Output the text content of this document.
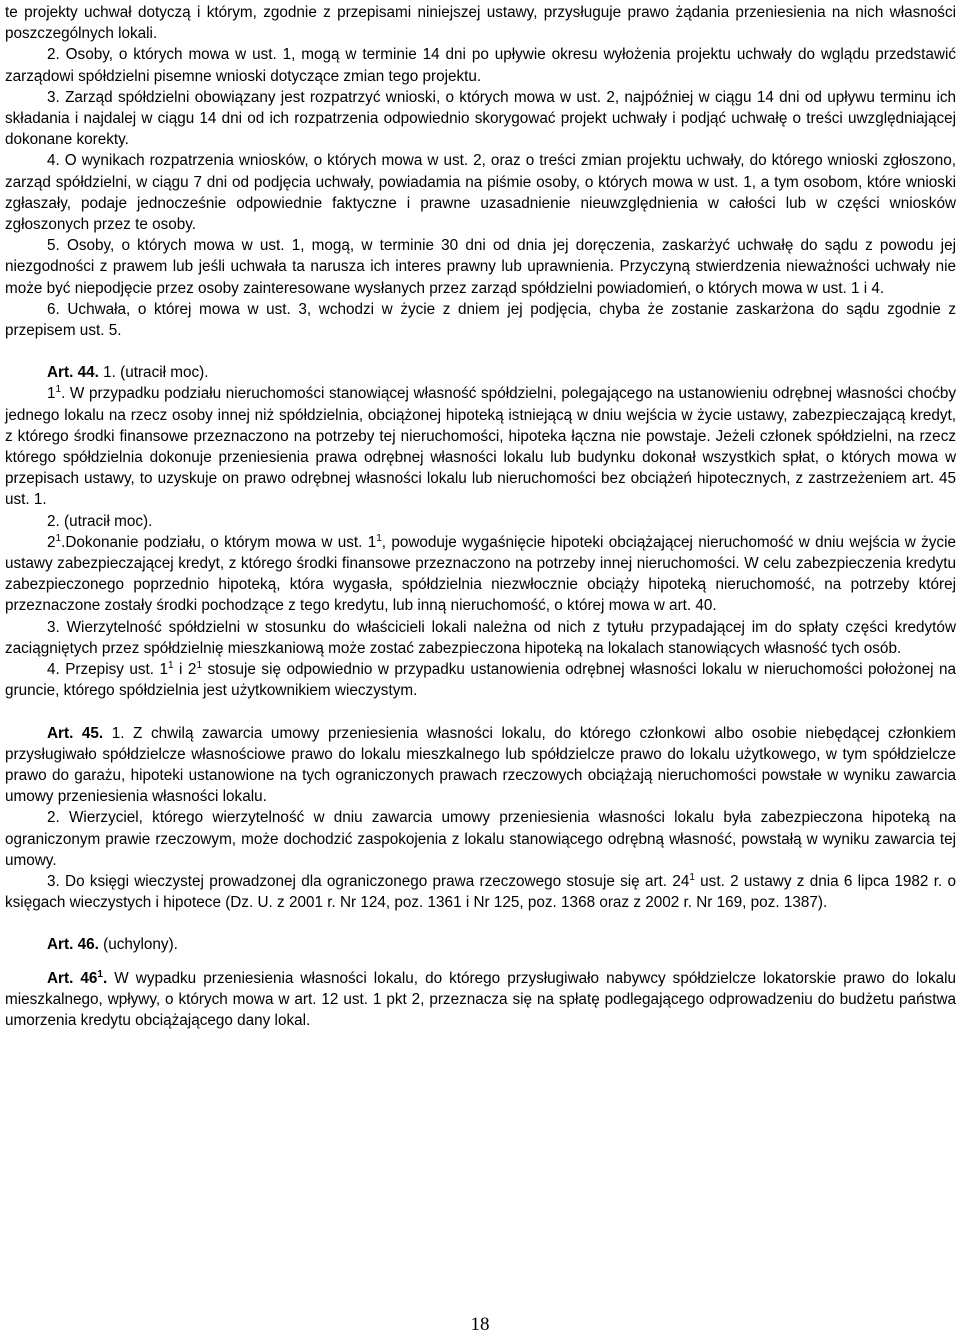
te projekty uchwał dotyczą i którym, zgodnie z przepisami niniejszej ustawy, przysługuje prawo żądania przeniesienia na nich własności poszczególnych lokali.

2. Osoby, o których mowa w ust. 1, mogą w terminie 14 dni po upływie okresu wyłożenia projektu uchwały do wglądu przedstawić zarządowi spółdzielni pisemne wnioski dotyczące zmian tego projektu.

3. Zarząd spółdzielni obowiązany jest rozpatrzyć wnioski, o których mowa w ust. 2, najpóźniej w ciągu 14 dni od upływu terminu ich składania i najdalej w ciągu 14 dni od ich rozpatrzenia odpowiednio skorygować projekt uchwały i podjąć uchwałę o treści uwzględniającej dokonane korekty.

4. O wynikach rozpatrzenia wniosków, o których mowa w ust. 2, oraz o treści zmian projektu uchwały, do którego wnioski zgłoszono, zarząd spółdzielni, w ciągu 7 dni od podjęcia uchwały, powiadamia na piśmie osoby, o których mowa w ust. 1, a tym osobom, które wnioski zgłaszały, podaje jednocześnie odpowiednie faktyczne i prawne uzasadnienie nieuwzględnienia w całości lub w części wniosków zgłoszonych przez te osoby.

5. Osoby, o których mowa w ust. 1, mogą, w terminie 30 dni od dnia jej doręczenia, zaskarżyć uchwałę do sądu z powodu jej niezgodności z prawem lub jeśli uchwała ta narusza ich interes prawny lub uprawnienia. Przyczyną stwierdzenia nieważności uchwały nie może być niepodjęcie przez osoby zainteresowane wysłanych przez zarząd spółdzielni powiadomień, o których mowa w ust. 1 i 4.

6. Uchwała, o której mowa w ust. 3, wchodzi w życie z dniem jej podjęcia, chyba że zostanie zaskarżona do sądu zgodnie z przepisem ust. 5.

Art. 44. 1. (utracił moc).

$1^1$. W przypadku podziału nieruchomości stanowiącej własność spółdzielni, polegającego na ustanowieniu odrębnej własności choćby jednego lokalu na rzecz osoby innej niż spółdzielnia, obciążonej hipoteką istniejącą w dniu wejścia w życie ustawy, zabezpieczającą kredyt, z którego środki finansowe przeznaczono na potrzeby tej nieruchomości, hipoteka łączna nie powstaje. Jeżeli członek spółdzielni, na rzecz którego spółdzielnia dokonuje przeniesienia prawa odrębnej własności lokalu lub budynku dokonał wszystkich spłat, o których mowa w przepisach ustawy, to uzyskuje on prawo odrębnej własności lokalu lub nieruchomości bez obciążeń hipotecznych, z zastrzeżeniem art. 45 ust. 1.

2. (utracił moc).

$2^1.Dokonanie$ podziału, o którym mowa w ust. $1^1$, powoduje wygaśnięcie hipoteki obciążającej nieruchomość w dniu wejścia w życie ustawy zabezpieczającej kredyt, z którego środki finansowe przeznaczono na potrzeby innej nieruchomości. W celu zabezpieczenia kredytu zabezpieczonego poprzednio hipoteką, która wygasła, spółdzielnia niezwłocznie obciąży hipoteką nieruchomość, na potrzeby której przeznaczone zostały środki pochodzące z tego kredytu, lub inną nieruchomość, o której mowa w art. 40.

3. Wierzytelność spółdzielni w stosunku do właścicieli lokali należna od nich z tytułu przypadającej im do spłaty części kredytów zaciągniętych przez spółdzielnię mieszkaniową może zostać zabezpieczona hipoteką na lokalach stanowiących własność tych osób.

4. Przepisy ust. $1^1$ i $2^1$ stosuje się odpowiednio w przypadku ustanowienia odrębnej własności lokalu w nieruchomości położonej na gruncie, którego spółdzielnia jest użytkownikiem wieczystym.

Art. 45. 1. Z chwilą zawarcia umowy przeniesienia własności lokalu, do którego członkowi albo osobie niebędącej członkiem przysługiwało spółdzielcze własnościowe prawo do lokalu mieszkalnego lub spółdzielcze prawo do lokalu użytkowego, w tym spółdzielcze prawo do garażu, hipoteki ustanowione na tych ograniczonych prawach rzeczowych obciążają nieruchomości powstałe w wyniku zawarcia umowy przeniesienia własności lokalu.

2. Wierzyciel, którego wierzytelność w dniu zawarcia umowy przeniesienia własności lokalu była zabezpieczona hipoteką na ograniczonym prawie rzeczowym, może dochodzić zaspokojenia z lokalu stanowiącego odrębną własność, powstałą w wyniku zawarcia tej umowy.

3. Do księgi wieczystej prowadzonej dla ograniczonego prawa rzeczowego stosuje się art. $24^1$ ust. 2 ustawy z dnia 6 lipca 1982 r. o księgach wieczystych i hipotece (Dz. U. z 2001 r. Nr 124, poz. 1361 i Nr 125, poz. 1368 oraz z 2002 r. Nr 169, poz. 1387).

Art. 46. (uchylony).

Art. $46^1$. W wypadku przeniesienia własności lokalu, do którego przysługiwało nabywcy spółdzielcze lokatorskie prawo do lokalu mieszkalnego, wpływy, o których mowa w art. 12 ust. 1 pkt 2, przeznacza się na spłatę podlegającego odprowadzeniu do budżetu państwa umorzenia kredytu obciążającego dany lokal.

18
